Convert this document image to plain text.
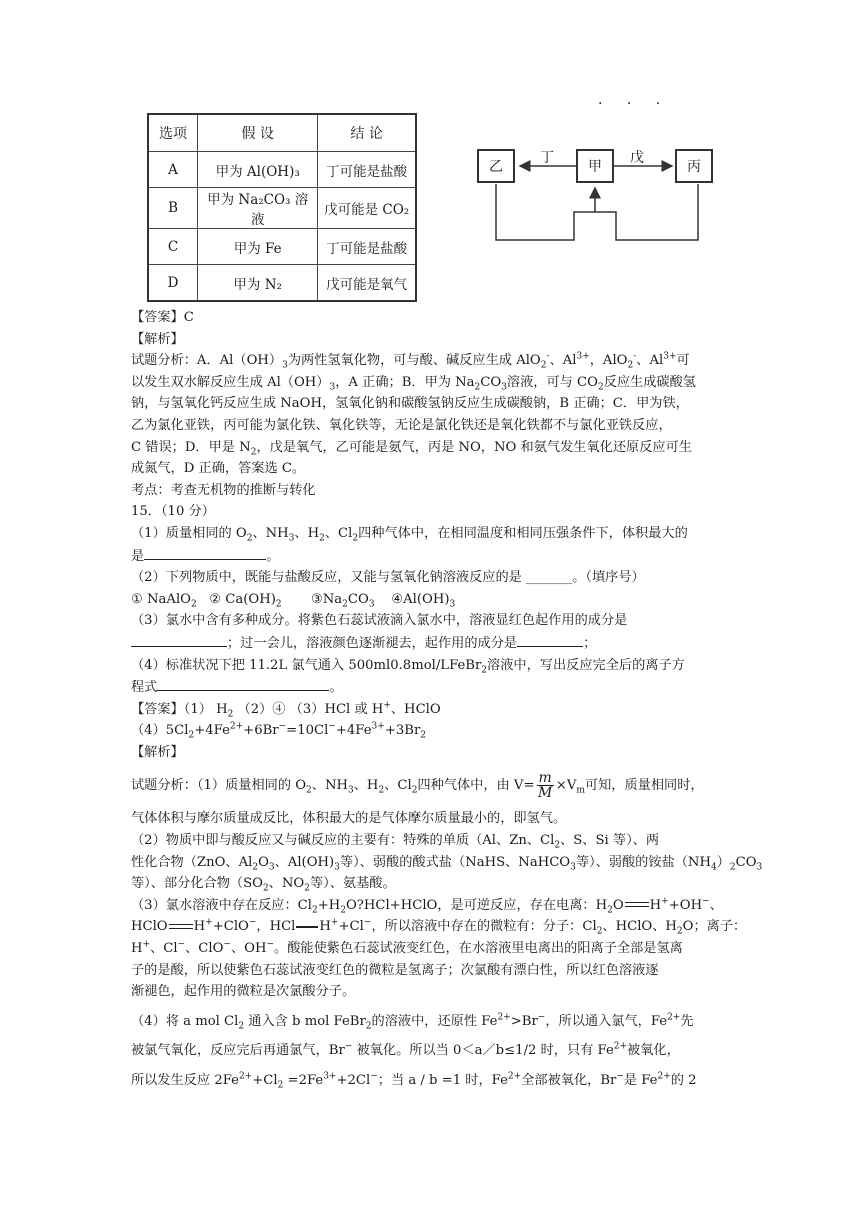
选项	假 设	结 论
A	甲为 Al(OH)₃	丁可能是盐酸
B	甲为 Na₂CO₃ 溶液	戊可能是 CO₂
C	甲为 Fe	丁可能是盐酸
D	甲为 N₂	戊可能是氧气
· · ·
乙	甲	丙
丁	戊

【答案】C

【解析】

试题分析：A．$Al(OH)_3$为两性氢氧化物，可与酸、碱反应生成 AlO$_2$-、$Al^{3+}$，AlO$_2$-、$Al^{3+}$可

以发生双水解反应生成 $Al(OH)_3$，A 正确；B．甲为 $Na_2CO_3$溶液，可与 $CO_2$反应生成碳酸氢

钠，与氢氧化钙反应生成 NaOH，氢氧化钠和碳酸氢钠反应生成碳酸钠，B 正确；C．甲为铁，

乙为氯化亚铁，丙可能为氯化铁、氧化铁等，无论是氯化铁还是氧化铁都不与氯化亚铁反应，

C 错误；D．甲是 $N_2$，戊是氧气，乙可能是氨气，丙是 NO，NO 和氨气发生氧化还原反应可生

成氮气，D 正确，答案选 C。

考点：考查无机物的推断与转化

15．（10 分）

（1）质量相同的 $O_2$、$NH_3$、$H_2$、$Cl_2$四种气体中，在相同温度和相同压强条件下，体积最大的

是	。

（2）下列物质中，既能与盐酸反应，又能与氢氧化钠溶液反应的是 _______。（填序号）

① NaAlO$_2$ ② $Ca(OH)_2$ $③Na_2CO_3$ $④Al(OH)_3$

（3）氯水中含有多种成分。将紫色石蕊试液滴入氯水中，溶液显红色起作用的成分是

；过一会儿，溶液颜色逐渐褪去，起作用的成分是	；

（4）标准状况下把 11.2L 氯气通入 500ml0.8mol/LFeBr$_2$溶液中，写出反应完全后的离子方

程式	。

【答案】（1） $H_2$ （2）④ （3）HCl 或 H+、HClO

$(4)5Cl_2+4Fe^{2+}+6Br^-=10Cl^-+4Fe^{3+}+3Br_2$

【解析】

试题分析：（1）质量相同的 $O_2$、$NH_3$、$H_2$、$Cl_2$四种气体中，由 $V= \frac{m}{M} \times V_m$可知，质量相同时，

气体体积与摩尔质量成反比，体积最大的是气体摩尔质量最小的，即氢气。

（2）物质中即与酸反应又与碱反应的主要有：特殊的单质（Al、Zn、$Cl_2$、S、Si 等）、两

性化合物（ZnO、$Al_2O_3$、$Al(OH)_3$等）、弱酸的酸式盐（NaHS、NaHCO$_3$等）、弱酸的铵盐$(NH_4)_2CO_3$

等）、部分化合物（$SO_2$、$NO_2$等）、氨基酸。

（3）氯水溶液中存在反应：$Cl_2+H_2O?HCl+HClO$，是可逆反应，存在电离：$H_2O$ H++OH−、

HClO H++ClO−，HCl H++Cl−，所以溶液中存在的微粒有：分子：$Cl_2$、HClO、$H_2O$；离子：

H+、Cl−、ClO−、OH−。酸能使紫色石蕊试液变红色，在水溶液里电离出的阳离子全部是氢离

子的是酸，所以使紫色石蕊试液变红色的微粒是氢离子；次氯酸有漂白性，所以红色溶液逐

渐褪色，起作用的微粒是次氯酸分子。

（4）将 a mol $Cl_2$ 通入含 b mol FeBr$_2$的溶液中，还原性 $Fe^{2+}>Br^-$，所以通入氯气，$Fe^{2+}$先

被氯气氧化，反应完后再通氯气，Br− 被氧化。所以当 0＜a／b≤1/2 时，只有 $Fe^{2+}$被氧化，

所以发生反应 $2Fe^{2+}+Cl_2 =2Fe^{3+}+2Cl^-$；当 a / b =1 时，$Fe^{2+}$全部被氧化，Br−是 $Fe^{2+}$的 2
